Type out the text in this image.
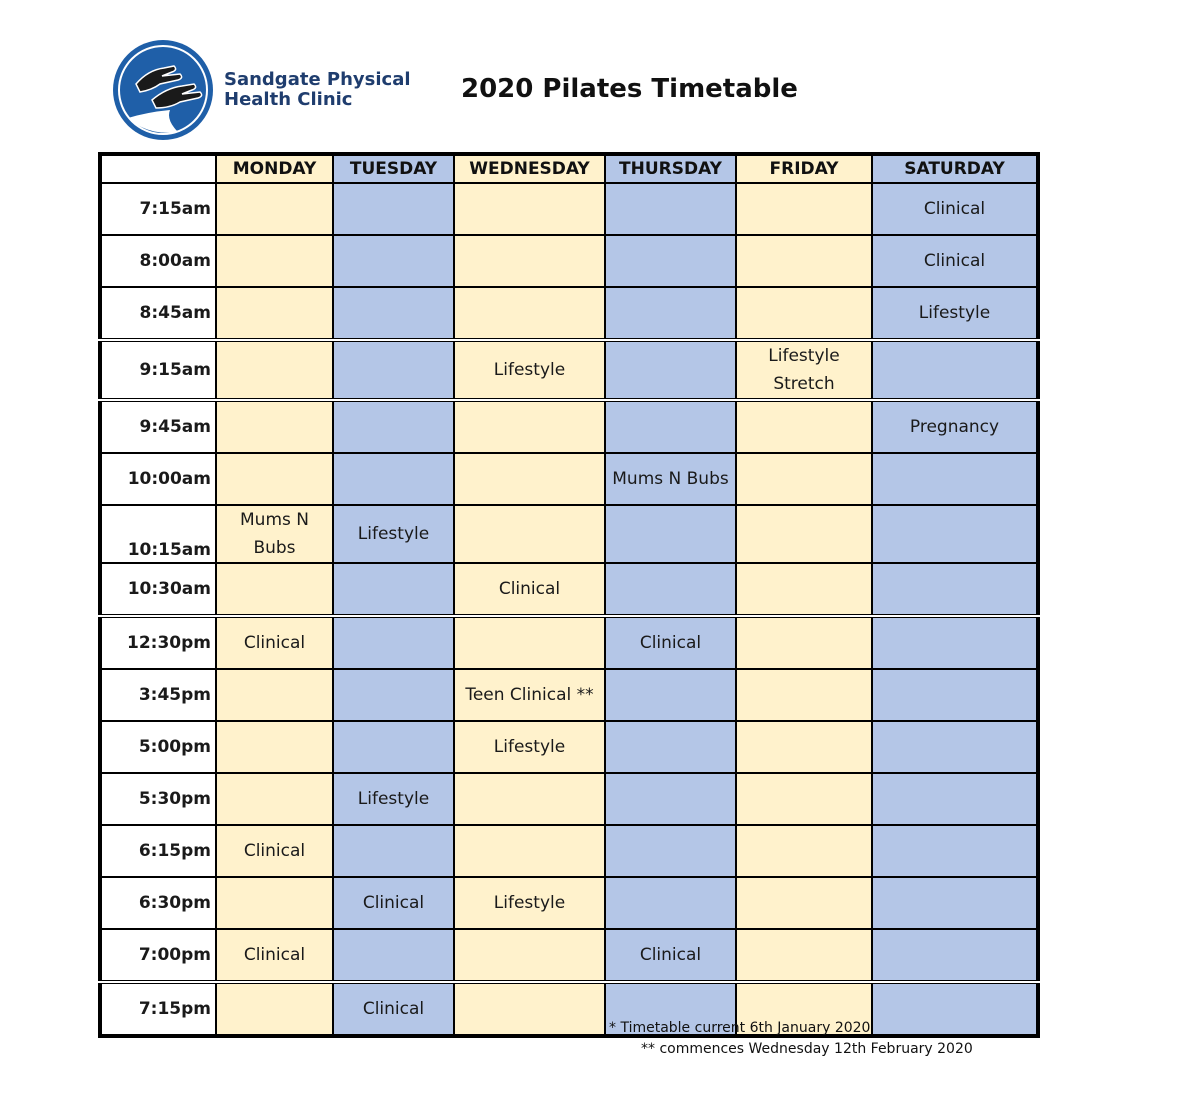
Sandgate Physical
Health Clinic	2020 Pilates Timetable
	MONDAY	TUESDAY	WEDNESDAY	THURSDAY	FRIDAY	SATURDAY
7:15am						Clinical
8:00am						Clinical
8:45am						Lifestyle
9:15am			Lifestyle		Lifestyle Stretch	
9:45am						Pregnancy
10:00am				Mums N Bubs		
10:15am	Mums N Bubs	Lifestyle				
10:30am			Clinical			
12:30pm	Clinical			Clinical		
3:45pm			Teen Clinical **			
5:00pm			Lifestyle			
5:30pm		Lifestyle				
6:15pm	Clinical					
6:30pm		Clinical	Lifestyle			
7:00pm	Clinical			Clinical		
7:15pm		Clinical				
* Timetable current 6th January 2020
** commences Wednesday 12th February 2020
